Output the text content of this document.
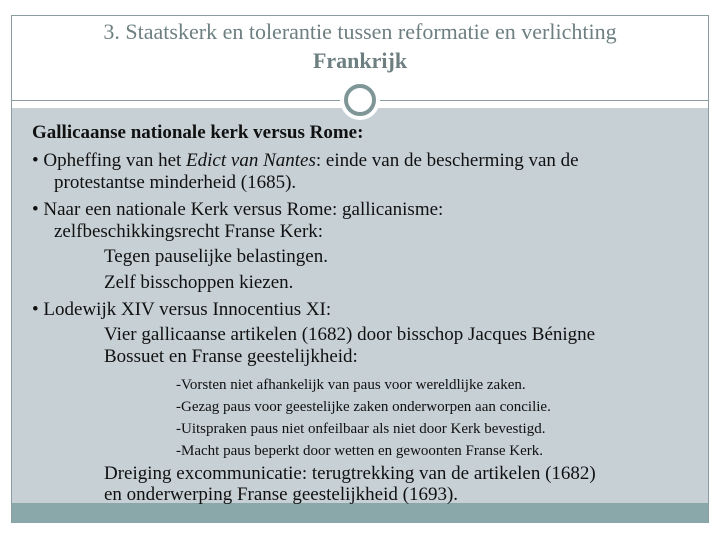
3. Staatskerk en tolerantie tussen reformatie en verlichting
Frankrijk
Gallicaanse nationale kerk versus Rome:
• Opheffing van het Edict van Nantes: einde van de bescherming van de
protestantse minderheid (1685).
• Naar een nationale Kerk versus Rome: gallicanisme:
zelfbeschikkingsrecht Franse Kerk:
Tegen pauselijke belastingen.
Zelf bisschoppen kiezen.
• Lodewijk XIV versus Innocentius XI:
Vier gallicaanse artikelen (1682) door bisschop Jacques Bénigne
Bossuet en Franse geestelijkheid:
-Vorsten niet afhankelijk van paus voor wereldlijke zaken.
-Gezag paus voor geestelijke zaken onderworpen aan concilie.
-Uitspraken paus niet onfeilbaar als niet door Kerk bevestigd.
-Macht paus beperkt door wetten en gewoonten Franse Kerk.
Dreiging excommunicatie: terugtrekking van de artikelen (1682)
en onderwerping Franse geestelijkheid (1693).
